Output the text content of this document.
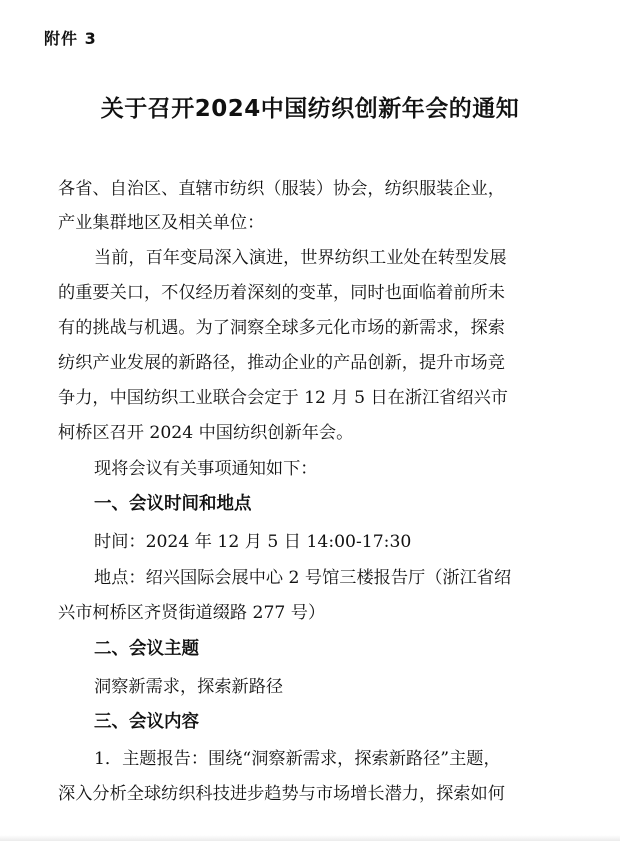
附件 3
关于召开2024中国纺织创新年会的通知
各省、自治区、直辖市纺织（服装）协会，纺织服装企业，
产业集群地区及相关单位：
当前，百年变局深入演进，世界纺织工业处在转型发展
的重要关口，不仅经历着深刻的变革，同时也面临着前所未
有的挑战与机遇。为了洞察全球多元化市场的新需求，探索
纺织产业发展的新路径，推动企业的产品创新，提升市场竞
争力，中国纺织工业联合会定于 12 月 5 日在浙江省绍兴市
柯桥区召开 2024 中国纺织创新年会。
现将会议有关事项通知如下：
一、会议时间和地点
时间：2024 年 12 月 5 日 14:00-17:30
地点：绍兴国际会展中心 2 号馆三楼报告厅（浙江省绍
兴市柯桥区齐贤街道缀路 277 号）
二、会议主题
洞察新需求，探索新路径
三、会议内容
1．主题报告：围绕“洞察新需求，探索新路径”主题，
深入分析全球纺织科技进步趋势与市场增长潜力，探索如何
